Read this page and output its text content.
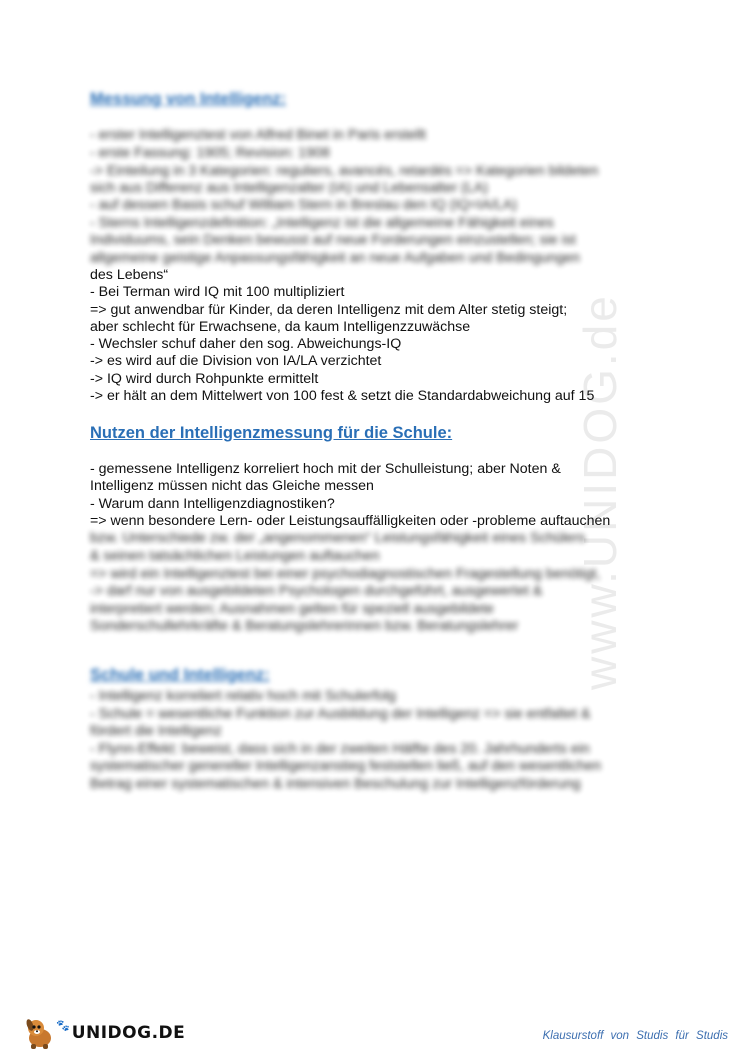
www.UNIDOG.de
Messung von Intelligenz:
- erster Intelligenztest von Alfred Binet in Paris erstellt
- erste Fassung: 1905; Revision: 1908
-> Einteilung in 3 Kategorien: reguliers, avancés, retardés => Kategorien bildeten
sich aus Differenz aus Intelligenzalter (IA) und Lebensalter (LA)
- auf dessen Basis schuf William Stern in Breslau den IQ (IQ=IA/LA)
- Sterns Intelligenzdefinition: „Intelligenz ist die allgemeine Fähigkeit eines
Individuums, sein Denken bewusst auf neue Forderungen einzustellen; sie ist
allgemeine geistige Anpassungsfähigkeit an neue Aufgaben und Bedingungen
des Lebens“
- Bei Terman wird IQ mit 100 multipliziert
=> gut anwendbar für Kinder, da deren Intelligenz mit dem Alter stetig steigt;
aber schlecht für Erwachsene, da kaum Intelligenzzuwächse
- Wechsler schuf daher den sog. Abweichungs-IQ
-> es wird auf die Division von IA/LA verzichtet
-> IQ wird durch Rohpunkte ermittelt
-> er hält an dem Mittelwert von 100 fest & setzt die Standardabweichung auf 15
Nutzen der Intelligenzmessung für die Schule:
- gemessene Intelligenz korreliert hoch mit der Schulleistung; aber Noten &
Intelligenz müssen nicht das Gleiche messen
- Warum dann Intelligenzdiagnostiken?
=> wenn besondere Lern- oder Leistungsauffälligkeiten oder -probleme auftauchen
bzw. Unterschiede zw. der „angenommenen“ Leistungsfähigkeit eines Schülers
& seinen tatsächlichen Leistungen auftauchen
=> wird ein Intelligenztest bei einer psychodiagnostischen Fragestellung benötigt,
-> darf nur von ausgebildeten Psychologen durchgeführt, ausgewertet &
interpretiert werden; Ausnahmen gelten für speziell ausgebildete
Sonderschullehrkräfte & Beratungslehrerinnen bzw. Beratungslehrer
Schule und Intelligenz:
- Intelligenz korreliert relativ hoch mit Schulerfolg
- Schule = wesentliche Funktion zur Ausbildung der Intelligenz => sie entfaltet &
fördert die Intelligenz
- Flynn-Effekt: beweist, dass sich in der zweiten Hälfte des 20. Jahrhunderts ein
systematischer genereller Intelligenzanstieg feststellen ließ, auf den wesentlichen
Betrag einer systematischen & intensiven Beschulung zur Intelligenzförderung
🐾 UNIDOG.DE	Klausurstoff von Studis für Studis
